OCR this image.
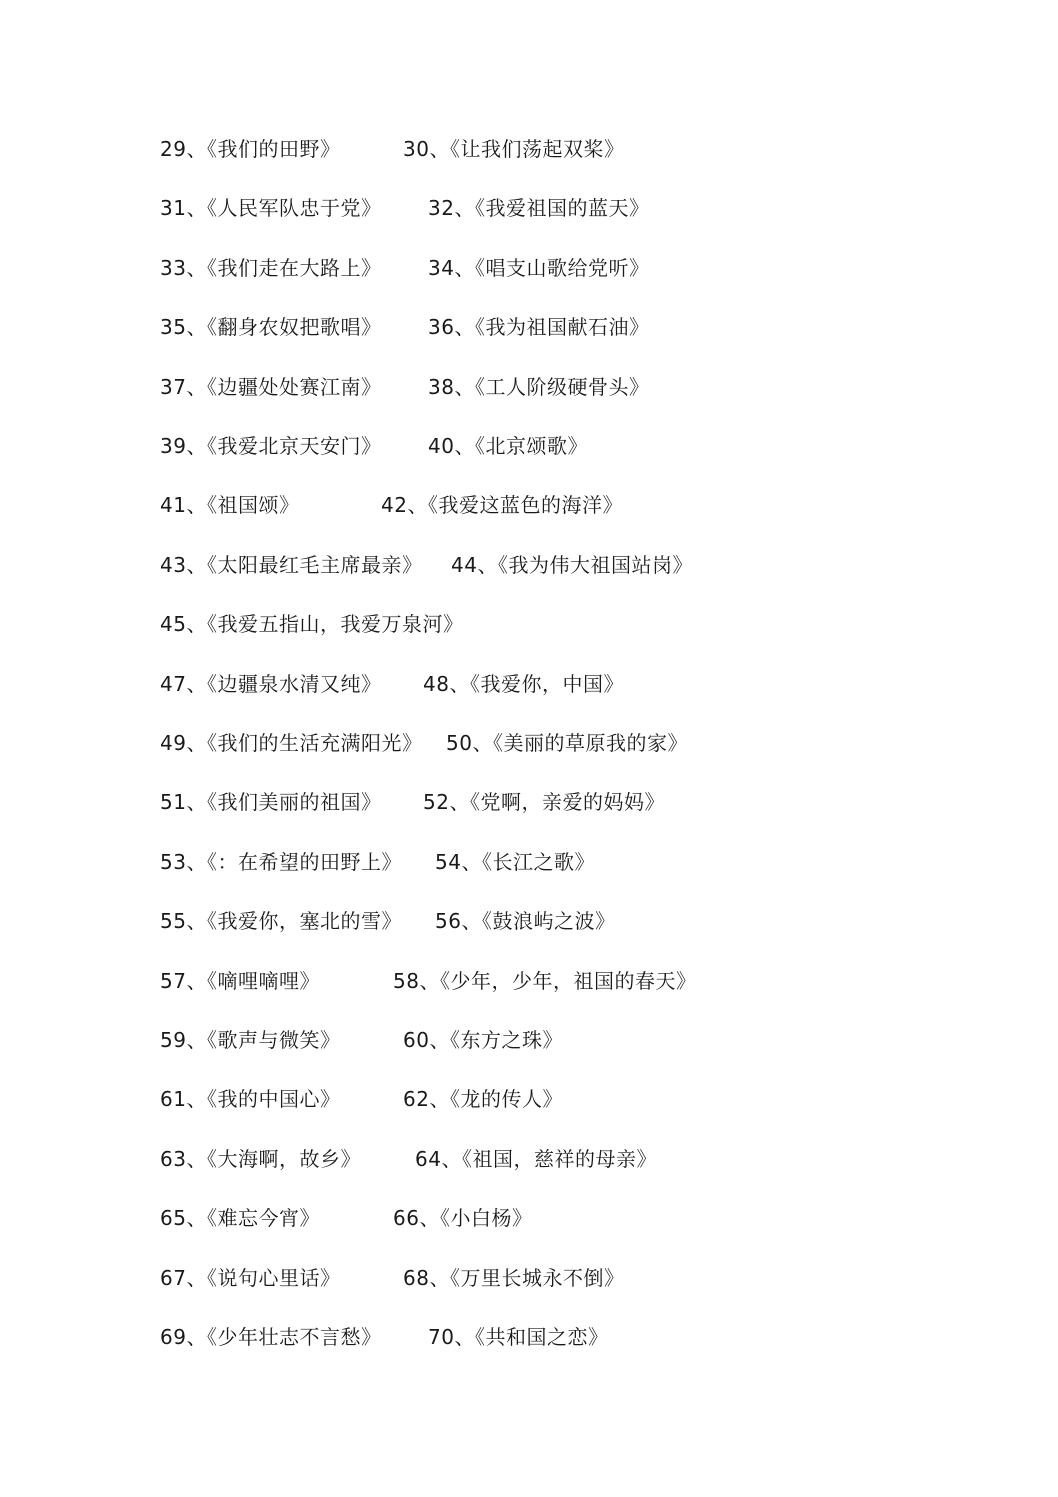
29、《我们的田野》	30、《让我们荡起双桨》
31、《人民军队忠于党》 32、《我爱祖国的蓝天》
33、《我们走在大路上》 34、《唱支山歌给党听》
35、《翻身农奴把歌唱》 36、《我为祖国献石油》
37、《边疆处处赛江南》 38、《工人阶级硬骨头》
39、《我爱北京天安门》 40、《北京颂歌》
41、《祖国颂》	42、《我爱这蓝色的海洋》
43、《太阳最红毛主席最亲》 44、《我为伟大祖国站岗》
45、《我爱五指山，我爱万泉河》
47、《边疆泉水清又纯》 48、《我爱你，中国》
49、《我们的生活充满阳光》 50、《美丽的草原我的家》
51、《我们美丽的祖国》 52、《党啊，亲爱的妈妈》
53、《：在希望的田野上》 54、《长江之歌》
55、《我爱你，塞北的雪》 56、《鼓浪屿之波》
57、《嘀哩嘀哩》	58、《少年，少年，祖国的春天》
59、《歌声与微笑》	60、《东方之珠》
61、《我的中国心》	62、《龙的传人》
63、《大海啊，故乡》	64、《祖国，慈祥的母亲》
65、《难忘今宵》	66、《小白杨》
67、《说句心里话》	68、《万里长城永不倒》
69、《少年壮志不言愁》 70、《共和国之恋》
